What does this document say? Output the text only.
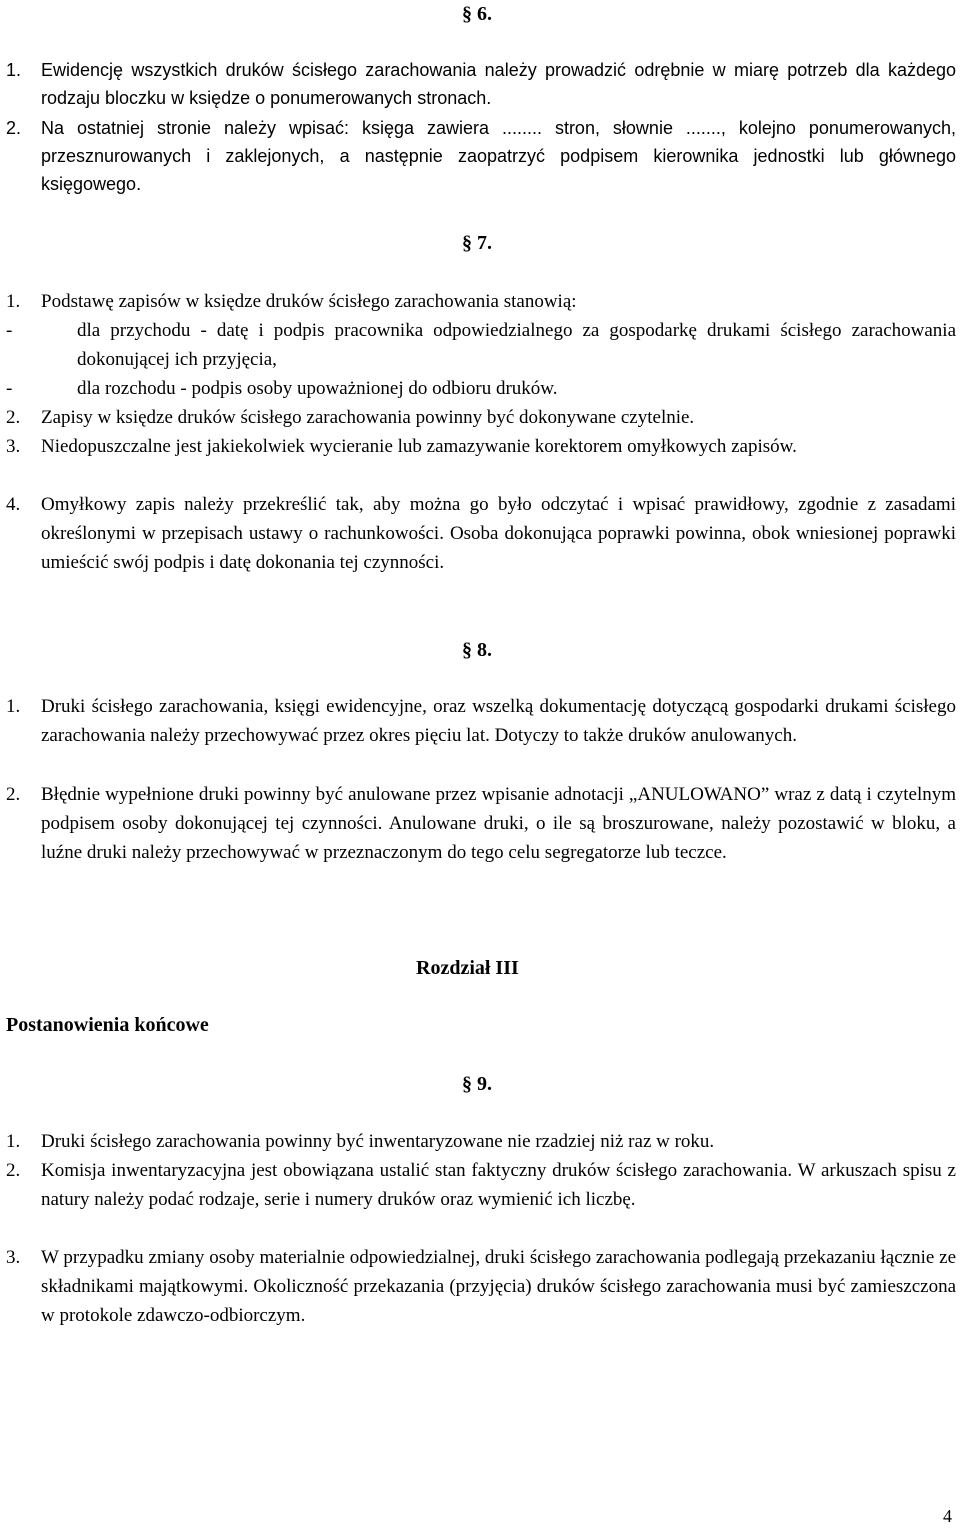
§ 6.
1. Ewidencję wszystkich druków ścisłego zarachowania należy prowadzić odrębnie w miarę potrzeb dla każdego rodzaju bloczku w księdze o ponumerowanych stronach.
2. Na ostatniej stronie należy wpisać: księga zawiera ........ stron, słownie ......., kolejno ponumerowanych, przesznurowanych i zaklejonych, a następnie zaopatrzyć podpisem kierownika jednostki lub głównego księgowego.
§ 7.
1. Podstawę zapisów w księdze druków ścisłego zarachowania stanowią:
-	dla przychodu - datę i podpis pracownika odpowiedzialnego za gospodarkę drukami ścisłego zarachowania dokonującej ich przyjęcia,
-	dla rozchodu - podpis osoby upoważnionej do odbioru druków.
2. Zapisy w księdze druków ścisłego zarachowania powinny być dokonywane czytelnie.
3. Niedopuszczalne jest jakiekolwiek wycieranie lub zamazywanie korektorem omyłkowych zapisów.
4. Omyłkowy zapis należy przekreślić tak, aby można go było odczytać i wpisać prawidłowy, zgodnie z zasadami określonymi w przepisach ustawy o rachunkowości. Osoba dokonująca poprawki powinna, obok wniesionej poprawki umieścić swój podpis i datę dokonania tej czynności.
§ 8.
1. Druki ścisłego zarachowania, księgi ewidencyjne, oraz wszelką dokumentację dotyczącą gospodarki drukami ścisłego zarachowania należy przechowywać przez okres pięciu lat. Dotyczy to także druków anulowanych.
2. Błędnie wypełnione druki powinny być anulowane przez wpisanie adnotacji „ANULOWANO” wraz z datą i czytelnym podpisem osoby dokonującej tej czynności. Anulowane druki, o ile są broszurowane, należy pozostawić w bloku, a luźne druki należy przechowywać w przeznaczonym do tego celu segregatorze lub teczce.
Rozdział III
Postanowienia końcowe
§ 9.
1. Druki ścisłego zarachowania powinny być inwentaryzowane nie rzadziej niż raz w roku.
2. Komisja inwentaryzacyjna jest obowiązana ustalić stan faktyczny druków ścisłego zarachowania. W arkuszach spisu z natury należy podać rodzaje, serie i numery druków oraz wymienić ich liczbę.
3. W przypadku zmiany osoby materialnie odpowiedzialnej, druki ścisłego zarachowania podlegają przekazaniu łącznie ze składnikami majątkowymi. Okoliczność przekazania (przyjęcia) druków ścisłego zarachowania musi być zamieszczona w protokole zdawczo-odbiorczym.
4
